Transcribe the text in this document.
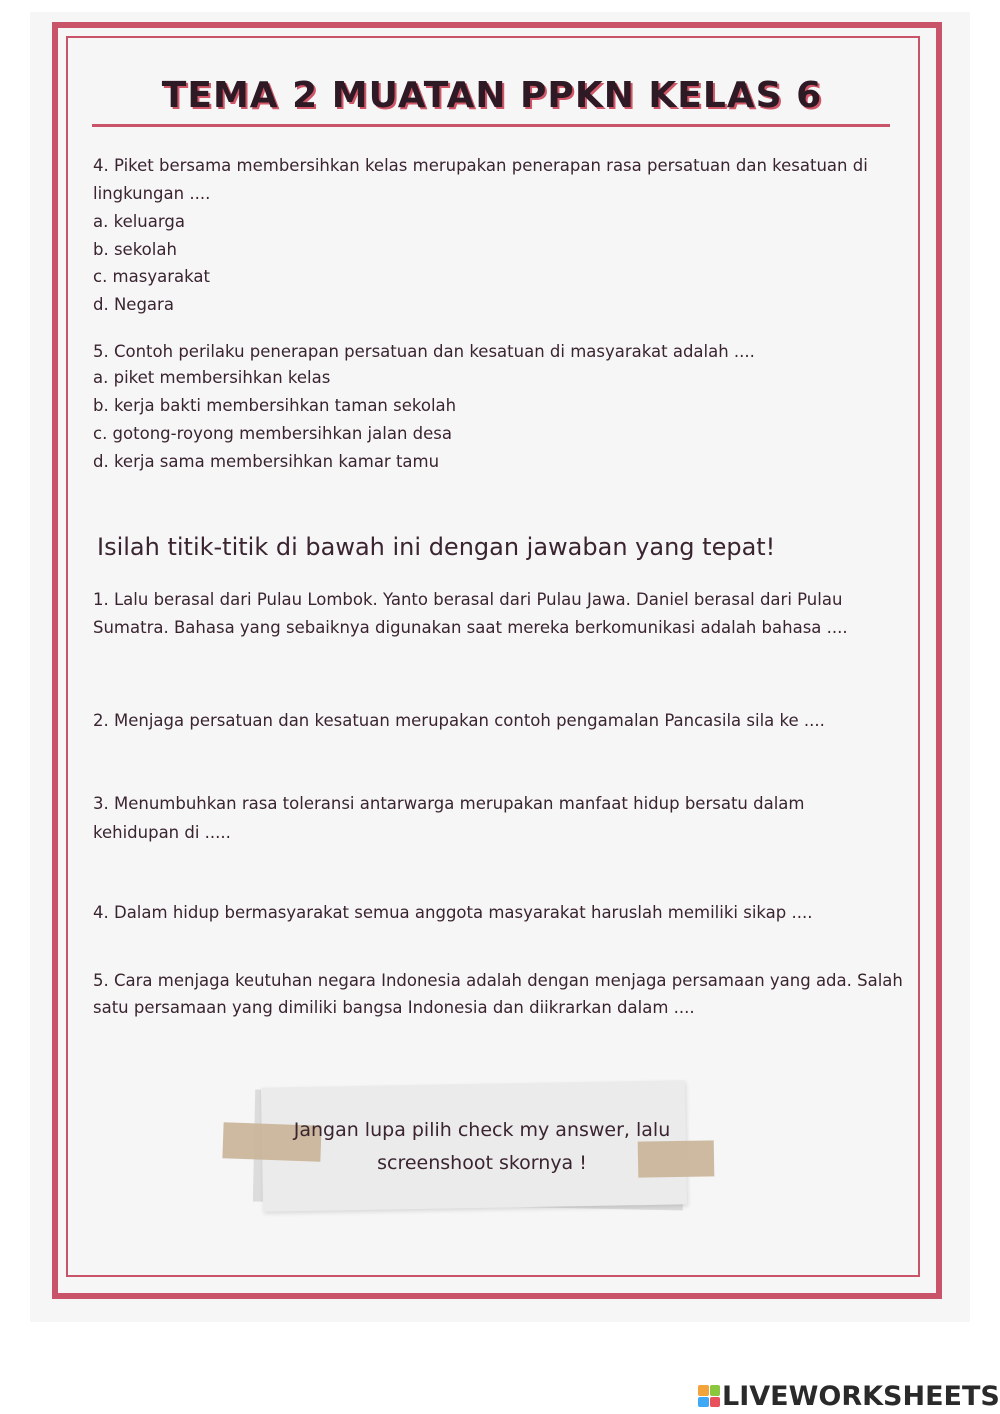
TEMA 2 MUATAN PPKN KELAS 6
4. Piket bersama membersihkan kelas merupakan penerapan rasa persatuan dan kesatuan di
lingkungan ....
a. keluarga
b. sekolah
c. masyarakat
d. Negara
5. Contoh perilaku penerapan persatuan dan kesatuan di masyarakat adalah ....
a. piket membersihkan kelas
b. kerja bakti membersihkan taman sekolah
c. gotong-royong membersihkan jalan desa
d. kerja sama membersihkan kamar tamu
Isilah titik-titik di bawah ini dengan jawaban yang tepat!
1. Lalu berasal dari Pulau Lombok. Yanto berasal dari Pulau Jawa. Daniel berasal dari Pulau
Sumatra. Bahasa yang sebaiknya digunakan saat mereka berkomunikasi adalah bahasa ....
2. Menjaga persatuan dan kesatuan merupakan contoh pengamalan Pancasila sila ke ....
3. Menumbuhkan rasa toleransi antarwarga merupakan manfaat hidup bersatu dalam
kehidupan di .....
4. Dalam hidup bermasyarakat semua anggota masyarakat haruslah memiliki sikap ....
5. Cara menjaga keutuhan negara Indonesia adalah dengan menjaga persamaan yang ada. Salah
satu persamaan yang dimiliki bangsa Indonesia dan diikrarkan dalam ....
Jangan lupa pilih check my answer, lalu
screenshoot skornya !
LIVEWORKSHEETS
